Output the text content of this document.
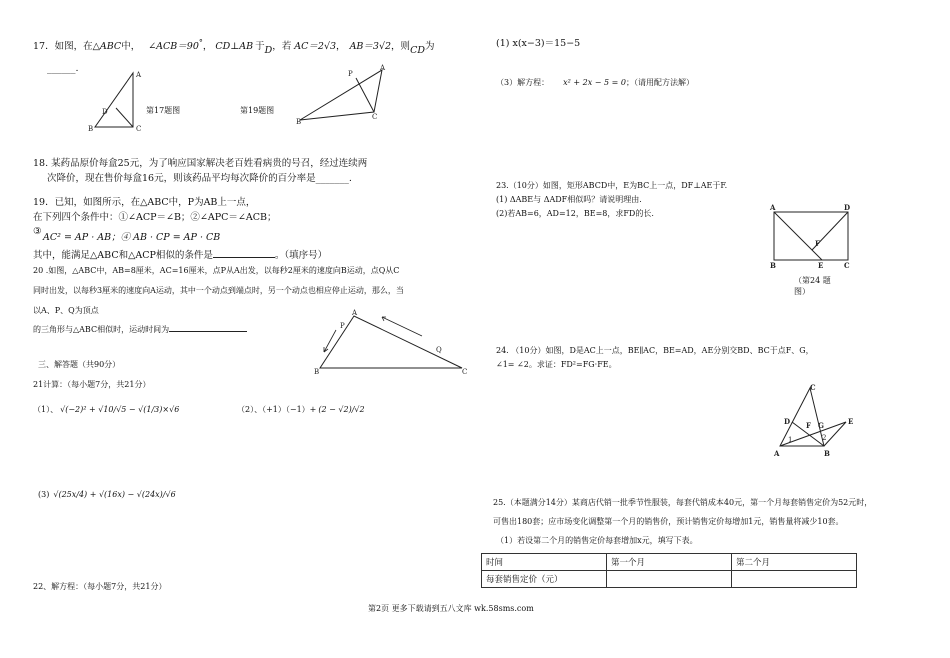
17．如图，在△ABC中， ∠ACB＝90°， CD⊥AB 于D，若 AC＝2√3， AB＝3√2，则CD为
______.
A
D
B	C
第17题图	第19题图
P
A
B
C
18. 某药品原价每盒25元，为了响应国家解决老百姓看病贵的号召，经过连续两
次降价，现在售价每盒16元，则该药品平均每次降价的百分率是_______.
19．已知，如图所示，在△ABC中，P为AB上一点，
在下列四个条件中：①∠ACP＝∠B；②∠APC＝∠ACB；
③
AC² = AP · AB；④ AB · CP = AP · CB
其中，能满足△ABC和△ACP相似的条件是	。（填序号）
20 .如图，△ABC中，AB=8厘米，AC=16厘米，点P从A出发，以每秒2厘米的速度向B运动，点Q从C
同时出发，以每秒3厘米的速度向A运动，其中一个动点到端点时，另一个动点也相应停止运动，那么，当
以A、P、Q为顶点
的三角形与△ABC相似时，运动时间为	P
A
Q
B	C
三、解答题（共90分）
21计算：（每小题7分，共21分）
（1）、 √(−2)² + √10/√5 − √(1/3)×√6	（2）、（+1）（−1）+ (2 − √2)/√2
(3) √(25x/4) + √(16x) − √(24x)/√6
22、解方程：（每小题7分，共21分）
(1) x(x−3)＝15−5
（3）解方程： x² + 2x − 5 = 0；（请用配方法解）
23.（10分）如图，矩形ABCD中，E为BC上一点，DF⊥AE于F.
(1) ΔABE与 ΔADF相似吗？请说明理由.
(2)若AB=6，AD=12，BE=8，求FD的长.
A	D
F
B	E	C
（第24 题
图）
24. （10分）如图，D是AC上一点，BE∥AC，BE=AD，AE分别交BD、BC于点F、G，
∠1= ∠2。求证：FD²=FG·FE。
C
D F G	E
1	2
A	B
25.（本题满分14分）某商店代销一批季节性服装，每套代销成本40元，第一个月每套销售定价为52元时，
可售出180套；应市场变化调整第一个月的销售价，预计销售定价每增加1元，销售量将减少10套。
（1）若设第二个月的销售定价每套增加x元，填写下表。
时间	第一个月	第二个月
每套销售定价（元）		
第2页 更多下载请到五八文库 wk.58sms.com
